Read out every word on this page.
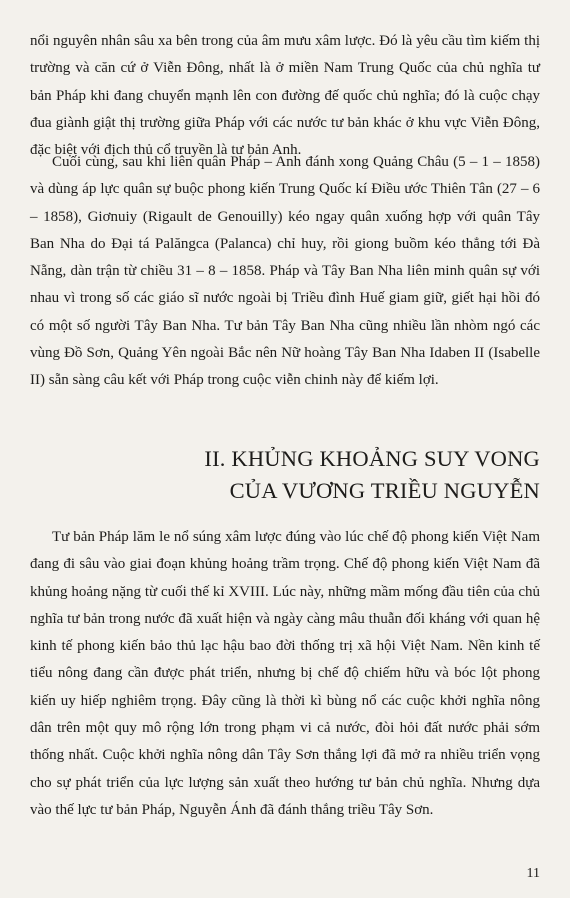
nổi nguyên nhân sâu xa bên trong của âm mưu xâm lược. Đó là yêu cầu tìm kiếm thị trường và căn cứ ở Viễn Đông, nhất là ở miền Nam Trung Quốc của chủ nghĩa tư bản Pháp khi đang chuyển mạnh lên con đường đế quốc chủ nghĩa; đó là cuộc chạy đua giành giật thị trường giữa Pháp với các nước tư bản khác ở khu vực Viễn Đông, đặc biệt với địch thủ cổ truyền là tư bản Anh.

Cuối cùng, sau khi liên quân Pháp – Anh đánh xong Quảng Châu (5 – 1 – 1858) và dùng áp lực quân sự buộc phong kiến Trung Quốc kí Điều ước Thiên Tân (27 – 6 – 1858), Giơnuiy (Rigault de Genouilly) kéo ngay quân xuống hợp với quân Tây Ban Nha do Đại tá Palăngca (Palanca) chỉ huy, rồi giong buồm kéo thẳng tới Đà Nẵng, dàn trận từ chiều 31 – 8 – 1858. Pháp và Tây Ban Nha liên minh quân sự với nhau vì trong số các giáo sĩ nước ngoài bị Triều đình Huế giam giữ, giết hại hồi đó có một số người Tây Ban Nha. Tư bản Tây Ban Nha cũng nhiều lần nhòm ngó các vùng Đồ Sơn, Quảng Yên ngoài Bắc nên Nữ hoàng Tây Ban Nha Idaben II (Isabelle II) sẵn sàng câu kết với Pháp trong cuộc viễn chinh này để kiếm lợi.

II. KHỦNG KHOẢNG SUY VONG
CỦA VƯƠNG TRIỀU NGUYỄN

Tư bản Pháp lăm le nổ súng xâm lược đúng vào lúc chế độ phong kiến Việt Nam đang đi sâu vào giai đoạn khủng hoảng trầm trọng. Chế độ phong kiến Việt Nam đã khủng hoảng nặng từ cuối thế kỉ XVIII. Lúc này, những mầm mống đầu tiên của chủ nghĩa tư bản trong nước đã xuất hiện và ngày càng mâu thuẫn đối kháng với quan hệ kinh tế phong kiến bảo thủ lạc hậu bao đời thống trị xã hội Việt Nam. Nền kinh tế tiểu nông đang cần được phát triển, nhưng bị chế độ chiếm hữu và bóc lột phong kiến uy hiếp nghiêm trọng. Đây cũng là thời kì bùng nổ các cuộc khởi nghĩa nông dân trên một quy mô rộng lớn trong phạm vi cả nước, đòi hỏi đất nước phải sớm thống nhất. Cuộc khởi nghĩa nông dân Tây Sơn thắng lợi đã mở ra nhiều triển vọng cho sự phát triển của lực lượng sản xuất theo hướng tư bản chủ nghĩa. Nhưng dựa vào thế lực tư bản Pháp, Nguyễn Ánh đã đánh thắng triều Tây Sơn.

11
